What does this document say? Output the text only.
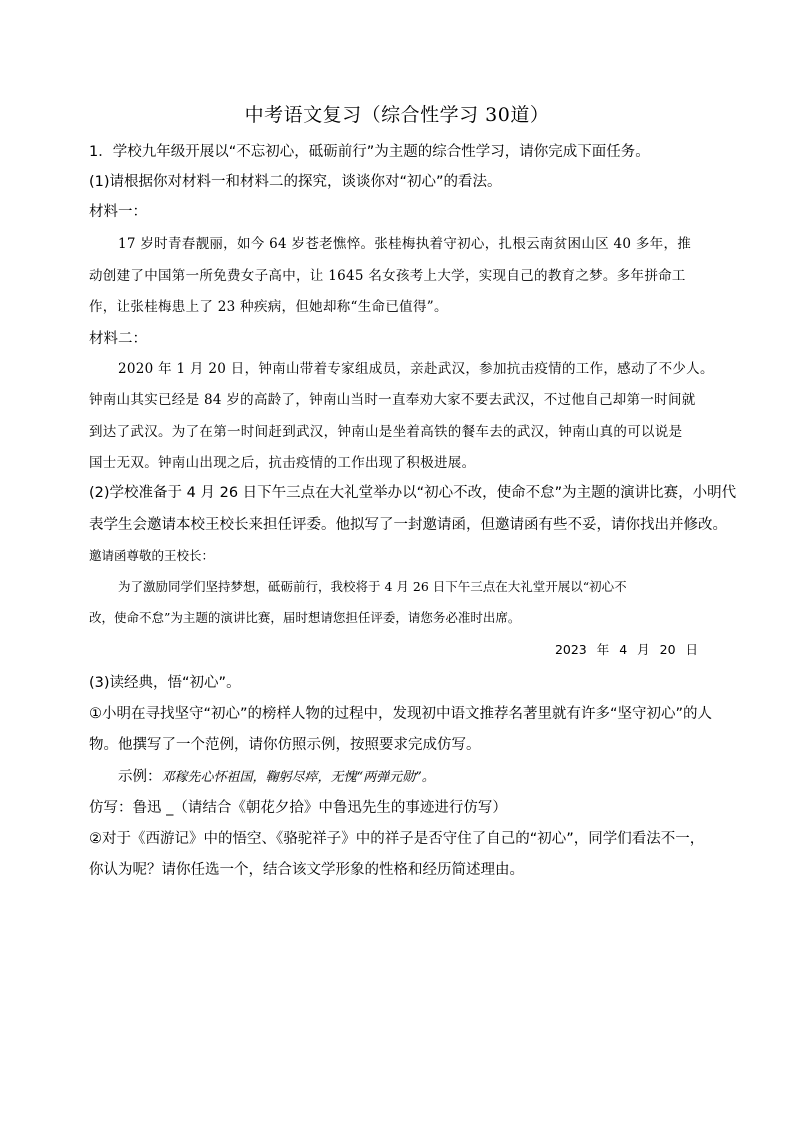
中考语文复习（综合性学习 30道）
1．学校九年级开展以“不忘初心，砥砺前行”为主题的综合性学习，请你完成下面任务。
(1)请根据你对材料一和材料二的探究，谈谈你对“初心”的看法。
材料一：
17 岁时青春靓丽，如今 64 岁苍老憔悴。张桂梅执着守初心，扎根云南贫困山区 40 多年，推
动创建了中国第一所免费女子高中，让 1645 名女孩考上大学，实现自己的教育之梦。多年拼命工
作，让张桂梅患上了 23 种疾病，但她却称“生命已值得”。
材料二：
2020 年 1 月 20 日，钟南山带着专家组成员，亲赴武汉，参加抗击疫情的工作，感动了不少人。
钟南山其实已经是 84 岁的高龄了，钟南山当时一直奉劝大家不要去武汉，不过他自己却第一时间就
到达了武汉。为了在第一时间赶到武汉，钟南山是坐着高铁的餐车去的武汉，钟南山真的可以说是
国士无双。钟南山出现之后，抗击疫情的工作出现了积极进展。
(2)学校准备于 4 月 26 日下午三点在大礼堂举办以“初心不改，使命不怠”为主题的演讲比赛，小明代
表学生会邀请本校王校长来担任评委。他拟写了一封邀请函，但邀请函有些不妥，请你找出并修改。
邀请函尊敬的王校长：
为了激励同学们坚持梦想，砥砺前行，我校将于 4 月 26 日下午三点在大礼堂开展以“初心不
改，使命不怠”为主题的演讲比赛，届时想请您担任评委，请您务必准时出席。
2023 年 4 月 20 日
(3)读经典，悟“初心”。
①小明在寻找坚守“初心”的榜样人物的过程中，发现初中语文推荐名著里就有许多“坚守初心”的人
物。他撰写了一个范例，请你仿照示例，按照要求完成仿写。
示例：邓稼先心怀祖国，鞠躬尽瘁，无愧“两弹元勋”。
仿写：鲁迅 _（请结合《朝花夕拾》中鲁迅先生的事迹进行仿写）
②对于《西游记》中的悟空、《骆驼祥子》中的祥子是否守住了自己的“初心”，同学们看法不一，
你认为呢？请你任选一个，结合该文学形象的性格和经历简述理由。
